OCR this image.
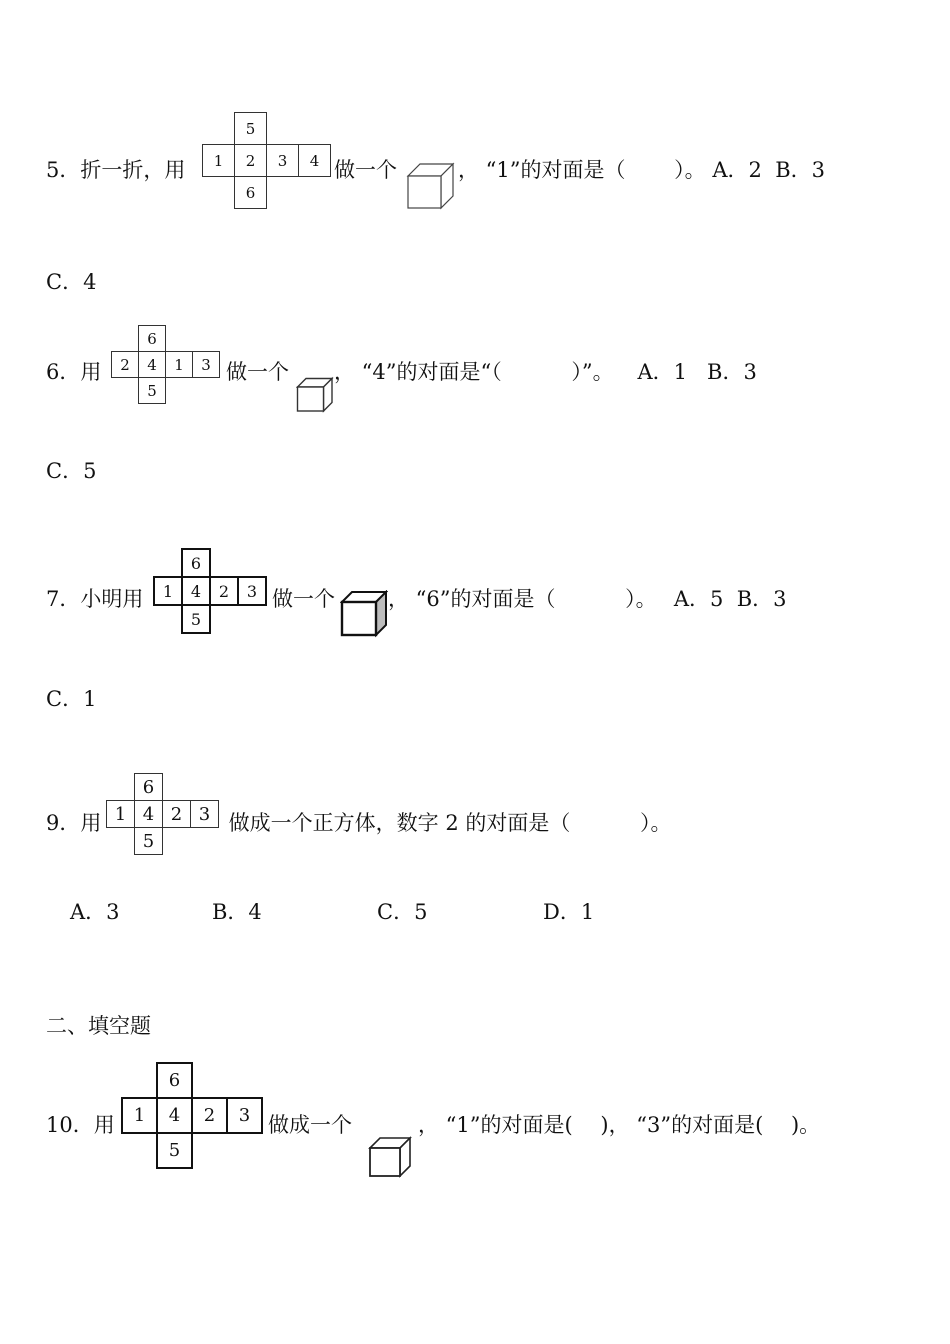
5．折一折，用
5
1	2	3	4
6
做一个	， “1”的对面是（　　 ）。 A．2  B．3
C．4
6．用
6
2	4	1	3
5
做一个 ， “4”的对面是“（　　 　）”。　  A．1   B．3
C．5
7．小明用
6
1	4	2	3
5
做一个	， “6”的对面是（　　 　）。　 A．5  B．3
C．1
9．用
6
1 4 2 3
5
做成一个正方体，数字 2 的对面是（　　　 ）。
A．3	B．4	C．5	D．1
二、填空题
10．用
6
1	4	2	3
5
做成一个	， “1”的对面是(　 )， “3”的对面是(　 )。
